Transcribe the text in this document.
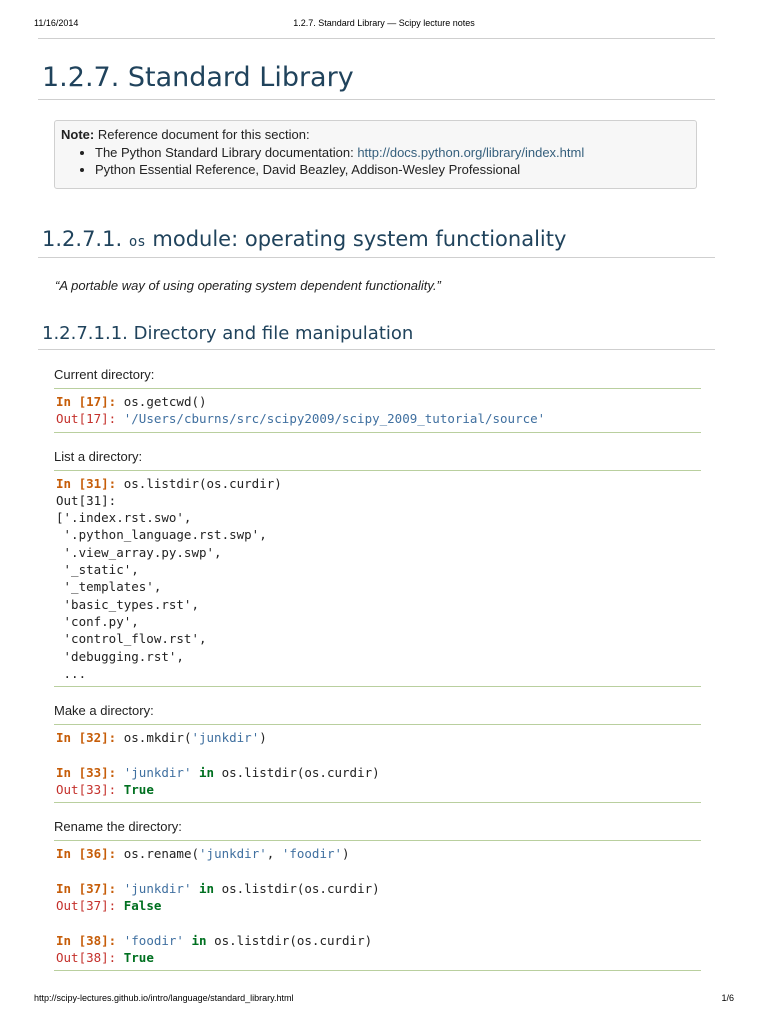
11/16/2014	1.2.7. Standard Library — Scipy lecture notes
1.2.7. Standard Library
Note: Reference document for this section:
• The Python Standard Library documentation: http://docs.python.org/library/index.html
• Python Essential Reference, David Beazley, Addison-Wesley Professional
1.2.7.1. os module: operating system functionality
“A portable way of using operating system dependent functionality.”
1.2.7.1.1. Directory and file manipulation
Current directory:
In [17]: os.getcwd()
Out[17]: '/Users/cburns/src/scipy2009/scipy_2009_tutorial/source'
List a directory:
In [31]: os.listdir(os.curdir)
Out[31]:
['.index.rst.swo',
'.python_language.rst.swp',
'.view_array.py.swp',
'_static',
'_templates',
'basic_types.rst',
'conf.py',
'control_flow.rst',
'debugging.rst',
...
Make a directory:
In [32]: os.mkdir('junkdir')

In [33]: 'junkdir' in os.listdir(os.curdir)
Out[33]: True
Rename the directory:
In [36]: os.rename('junkdir', 'foodir')

In [37]: 'junkdir' in os.listdir(os.curdir)
Out[37]: False

In [38]: 'foodir' in os.listdir(os.curdir)
Out[38]: True
http://scipy-lectures.github.io/intro/language/standard_library.html	1/6
